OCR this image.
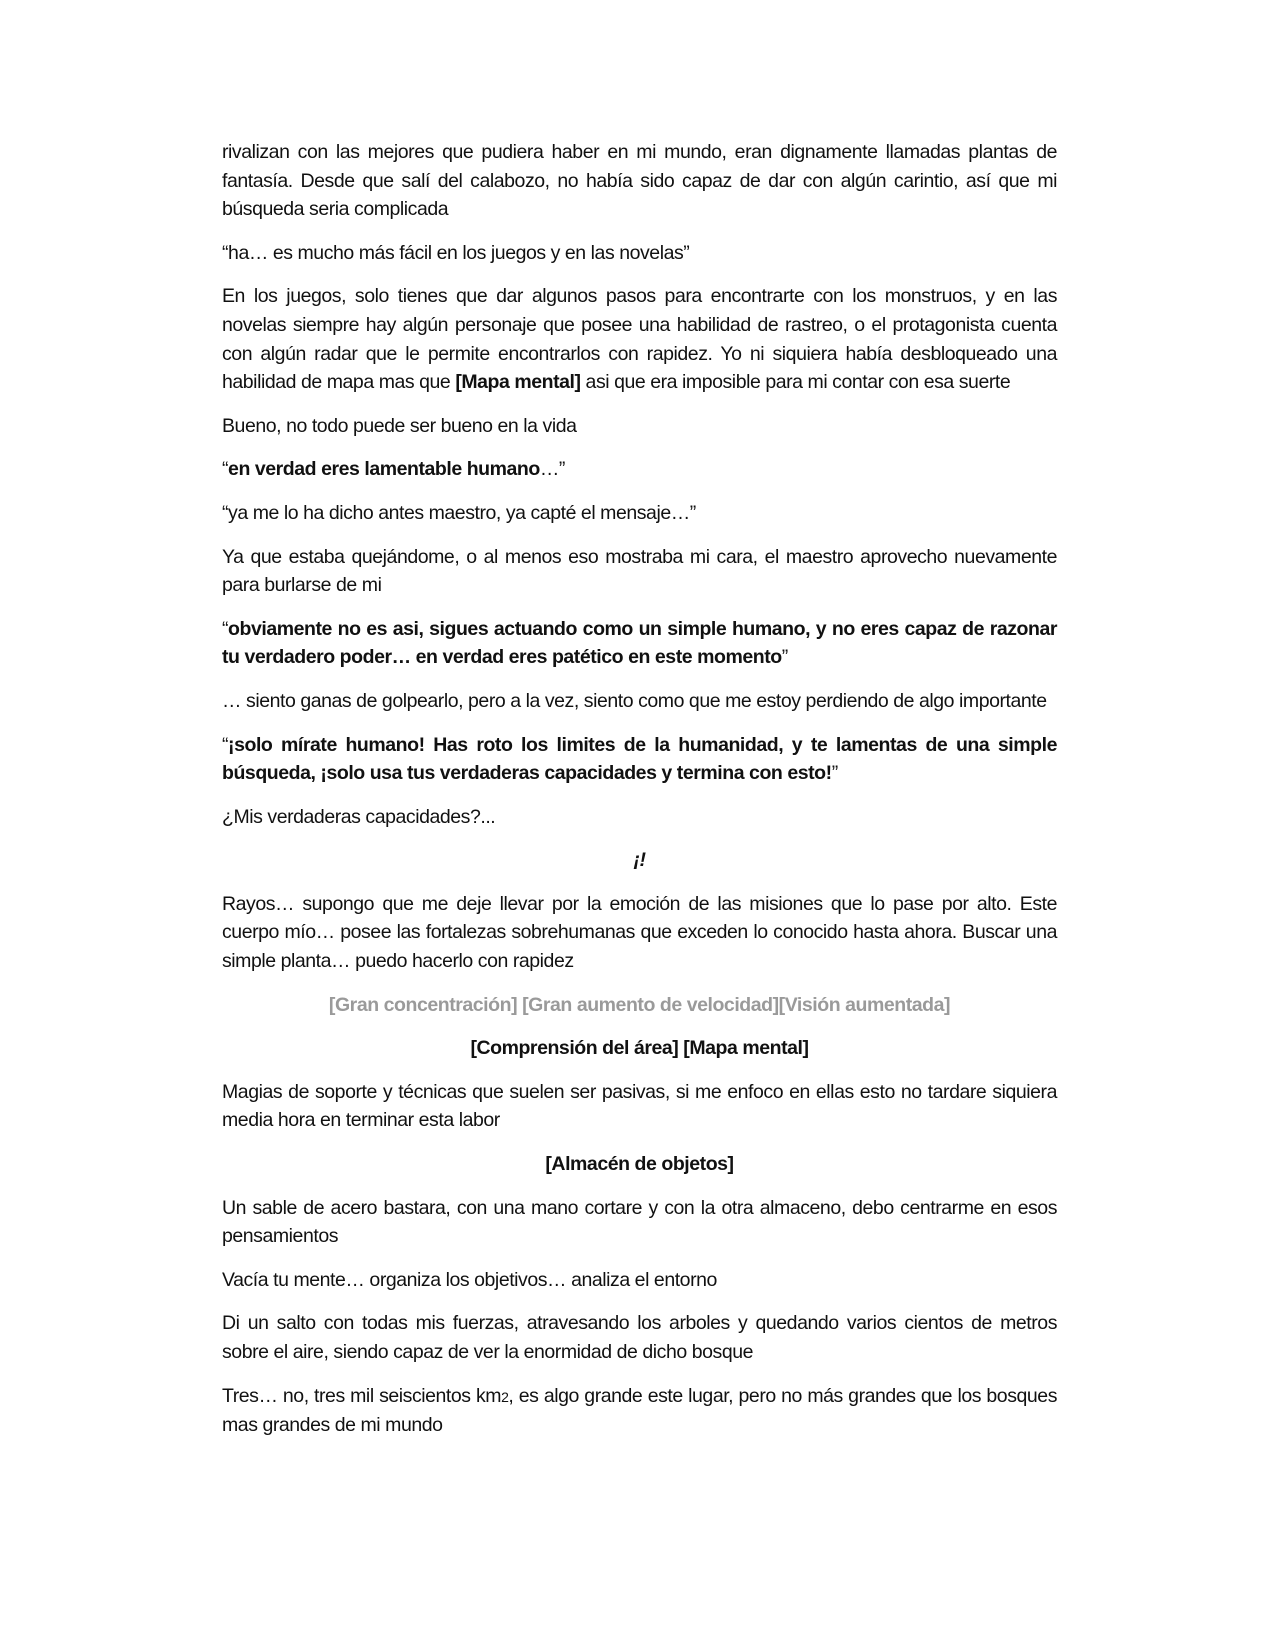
rivalizan con las mejores que pudiera haber en mi mundo, eran dignamente llamadas plantas de fantasía. Desde que salí del calabozo, no había sido capaz de dar con algún carintio, así que mi búsqueda seria complicada

“ha… es mucho más fácil en los juegos y en las novelas”

En los juegos, solo tienes que dar algunos pasos para encontrarte con los monstruos, y en las novelas siempre hay algún personaje que posee una habilidad de rastreo, o el protagonista cuenta con algún radar que le permite encontrarlos con rapidez. Yo ni siquiera había desbloqueado una habilidad de mapa mas que [Mapa mental] asi que era imposible para mi contar con esa suerte

Bueno, no todo puede ser bueno en la vida

“en verdad eres lamentable humano…”

“ya me lo ha dicho antes maestro, ya capté el mensaje…”

Ya que estaba quejándome, o al menos eso mostraba mi cara, el maestro aprovecho nuevamente para burlarse de mi

“obviamente no es asi, sigues actuando como un simple humano, y no eres capaz de razonar tu verdadero poder… en verdad eres patético en este momento”

… siento ganas de golpearlo, pero a la vez, siento como que me estoy perdiendo de algo importante

“¡solo mírate humano! Has roto los limites de la humanidad, y te lamentas de una simple búsqueda, ¡solo usa tus verdaderas capacidades y termina con esto!”

¿Mis verdaderas capacidades?...

¡!

Rayos… supongo que me deje llevar por la emoción de las misiones que lo pase por alto. Este cuerpo mío… posee las fortalezas sobrehumanas que exceden lo conocido hasta ahora. Buscar una simple planta… puedo hacerlo con rapidez

[Gran concentración] [Gran aumento de velocidad][Visión aumentada]

[Comprensión del área] [Mapa mental]

Magias de soporte y técnicas que suelen ser pasivas, si me enfoco en ellas esto no tardare siquiera media hora en terminar esta labor

[Almacén de objetos]

Un sable de acero bastara, con una mano cortare y con la otra almaceno, debo centrarme en esos pensamientos

Vacía tu mente… organiza los objetivos… analiza el entorno

Di un salto con todas mis fuerzas, atravesando los arboles y quedando varios cientos de metros sobre el aire, siendo capaz de ver la enormidad de dicho bosque

Tres… no, tres mil seiscientos km2, es algo grande este lugar, pero no más grandes que los bosques mas grandes de mi mundo
